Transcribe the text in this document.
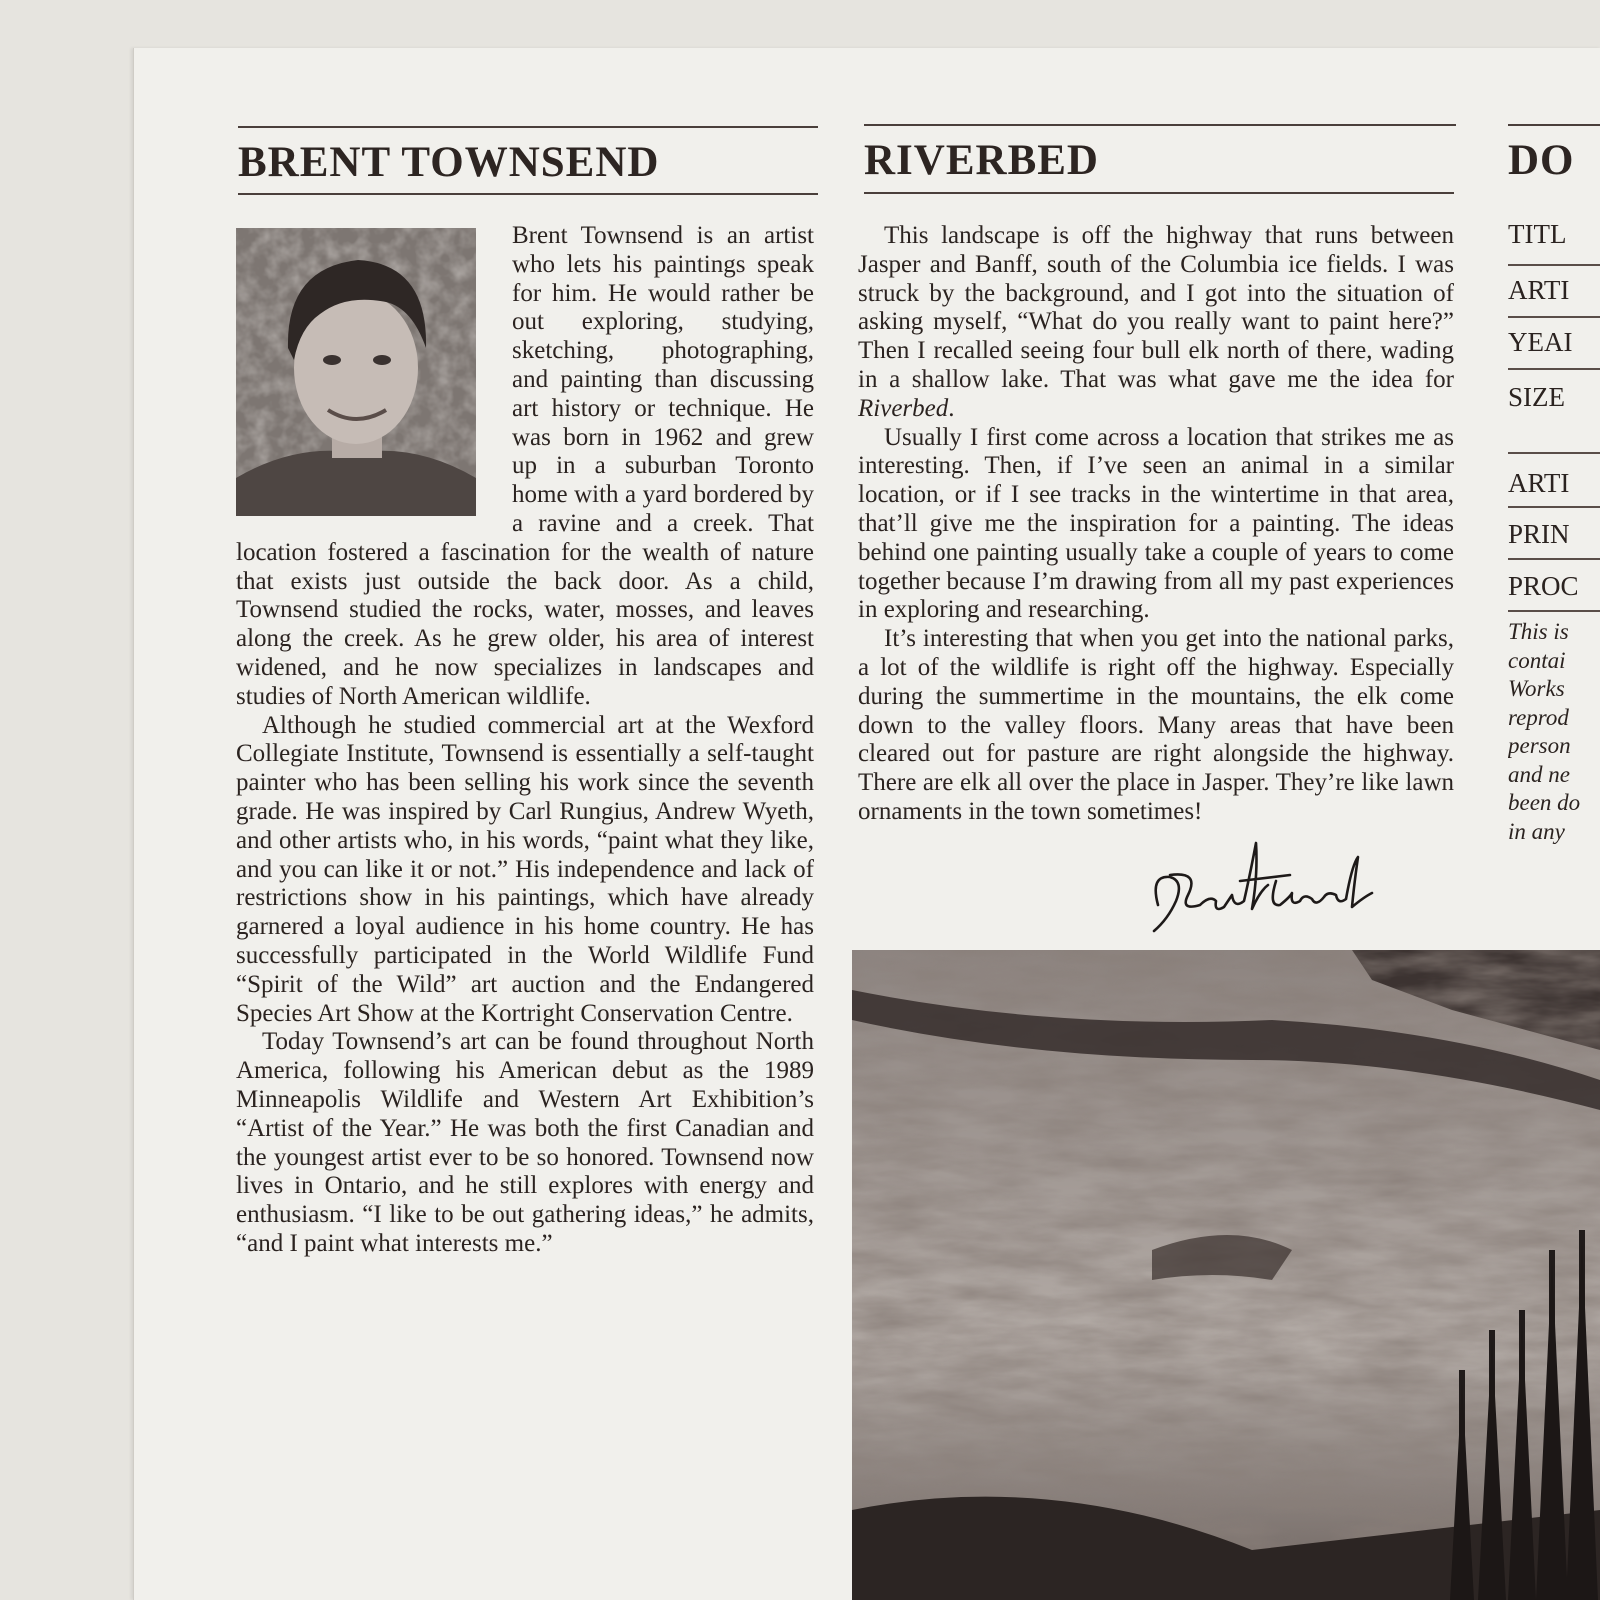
BRENT TOWNSEND

Brent Townsend is an artist who lets his paintings speak for him. He would rather be out exploring, studying, sketching, photographing, and painting than discussing art history or technique. He was born in 1962 and grew up in a suburban Toronto home with a yard bordered by a ravine and a creek. That location fostered a fascination for the wealth of nature that exists just outside the back door. As a child, Townsend studied the rocks, water, mosses, and leaves along the creek. As he grew older, his area of interest widened, and he now specializes in landscapes and studies of North American wildlife.

Although he studied commercial art at the Wexford Collegiate Institute, Townsend is essentially a self-taught painter who has been selling his work since the seventh grade. He was inspired by Carl Rungius, Andrew Wyeth, and other artists who, in his words, “paint what they like, and you can like it or not.” His independence and lack of restrictions show in his paintings, which have already garnered a loyal audience in his home country. He has successfully participated in the World Wildlife Fund “Spirit of the Wild” art auction and the Endangered Species Art Show at the Kortright Conservation Centre.

Today Townsend’s art can be found throughout North America, following his American debut as the 1989 Minneapolis Wildlife and Western Art Exhibition’s “Artist of the Year.” He was both the first Canadian and the youngest artist ever to be so honored. Townsend now lives in Ontario, and he still explores with energy and enthusiasm. “I like to be out gathering ideas,” he admits, “and I paint what interests me.”

RIVERBED

This landscape is off the highway that runs between Jasper and Banff, south of the Columbia ice fields. I was struck by the background, and I got into the situation of asking myself, “What do you really want to paint here?” Then I recalled seeing four bull elk north of there, wading in a shallow lake. That was what gave me the idea for Riverbed.

Usually I first come across a location that strikes me as interesting. Then, if I’ve seen an animal in a similar location, or if I see tracks in the wintertime in that area, that’ll give me the inspiration for a painting. The ideas behind one painting usually take a couple of years to come together because I’m drawing from all my past experiences in exploring and researching.

It’s interesting that when you get into the national parks, a lot of the wildlife is right off the highway. Especially during the summertime in the mountains, the elk come down to the valley floors. Many areas that have been cleared out for pasture are right alongside the highway. There are elk all over the place in Jasper. They’re like lawn ornaments in the town sometimes!

DO
TITL
ARTI
YEAI
SIZE
ARTI
PRIN
PROC
This is
contai
Works
reprod
person
and ne
been do
in any
